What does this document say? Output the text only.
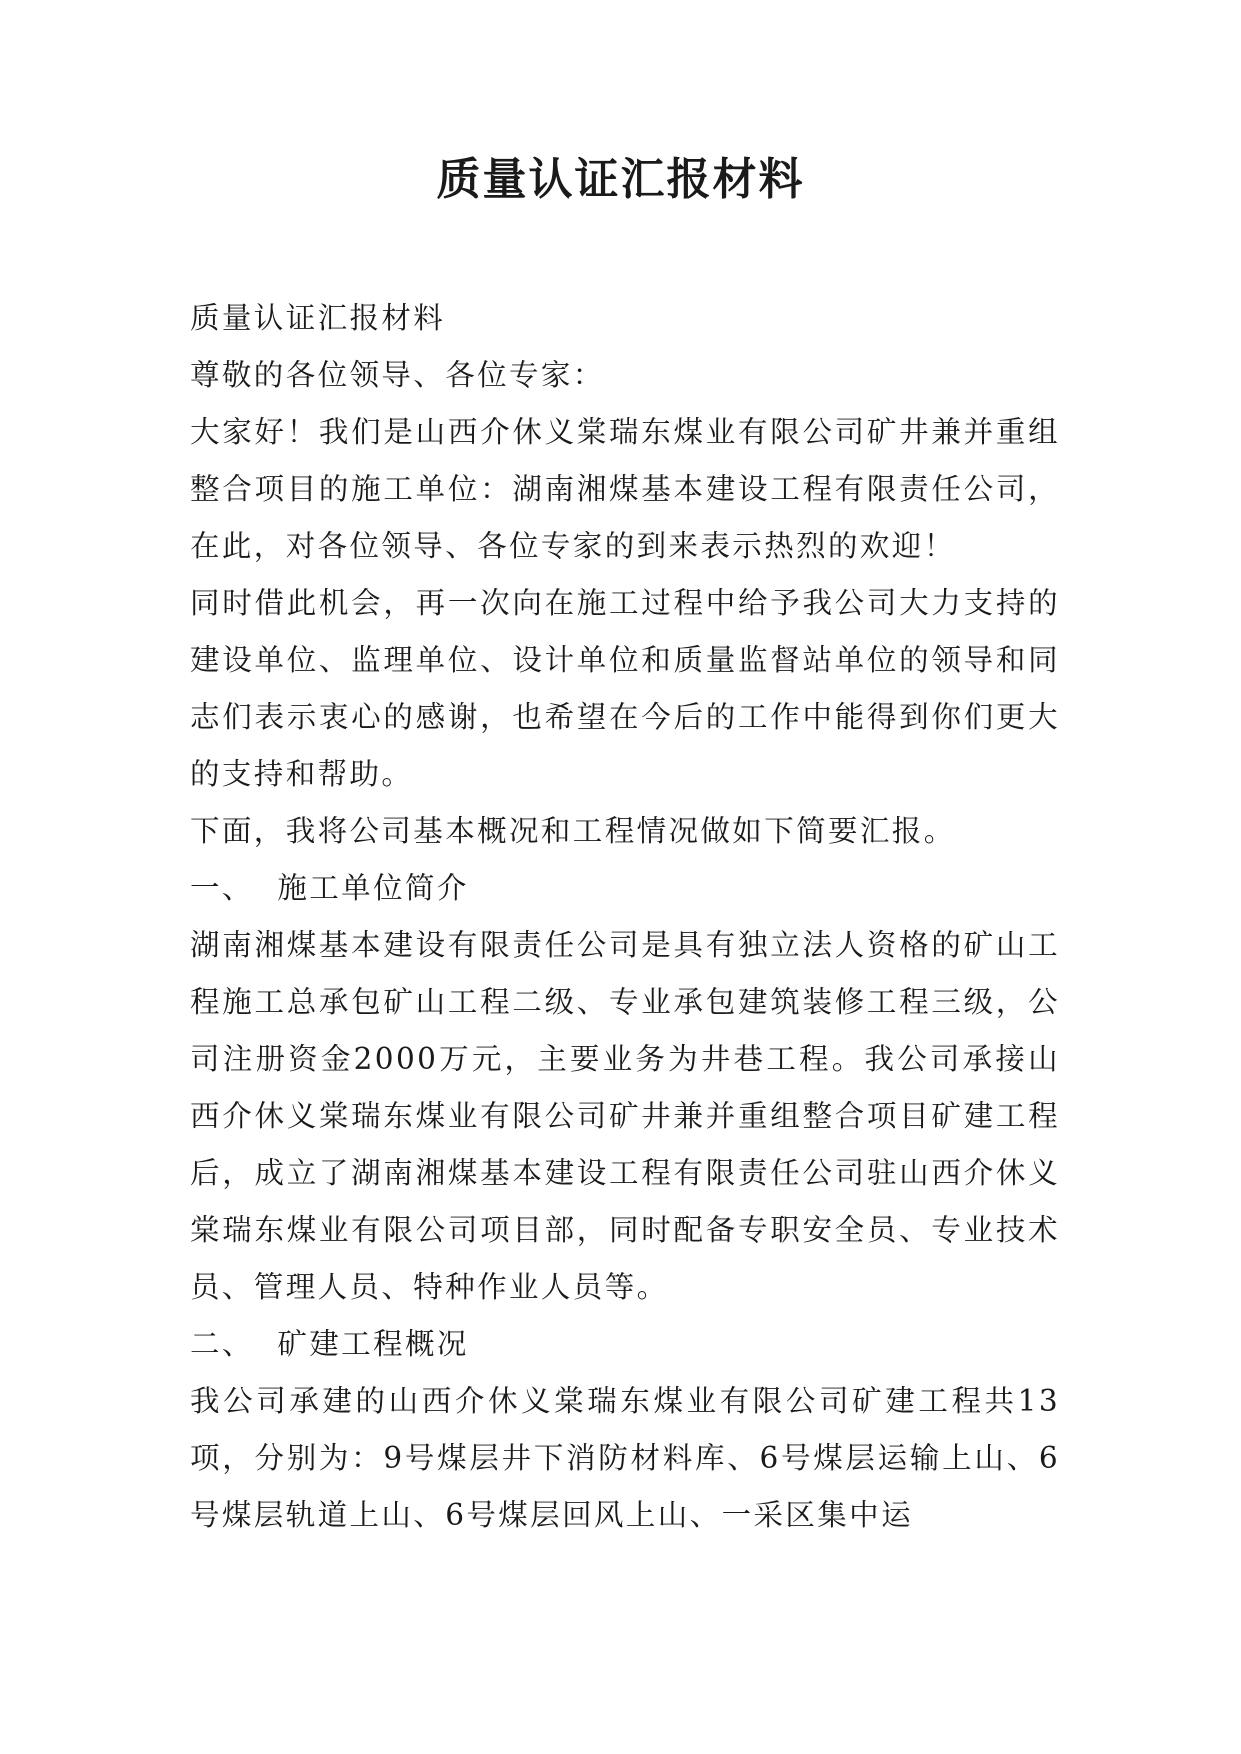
质量认证汇报材料

质量认证汇报材料

尊敬的各位领导、各位专家：

大家好！我们是山西介休义棠瑞东煤业有限公司矿井兼并重组整合项目的施工单位：湖南湘煤基本建设工程有限责任公司，在此，对各位领导、各位专家的到来表示热烈的欢迎！

同时借此机会，再一次向在施工过程中给予我公司大力支持的建设单位、监理单位、设计单位和质量监督站单位的领导和同志们表示衷心的感谢，也希望在今后的工作中能得到你们更大的支持和帮助。

下面，我将公司基本概况和工程情况做如下简要汇报。

一、  施工单位简介

湖南湘煤基本建设有限责任公司是具有独立法人资格的矿山工程施工总承包矿山工程二级、专业承包建筑装修工程三级，公司注册资金2000万元，主要业务为井巷工程。我公司承接山西介休义棠瑞东煤业有限公司矿井兼并重组整合项目矿建工程后，成立了湖南湘煤基本建设工程有限责任公司驻山西介休义棠瑞东煤业有限公司项目部，同时配备专职安全员、专业技术员、管理人员、特种作业人员等。

二、  矿建工程概况

我公司承建的山西介休义棠瑞东煤业有限公司矿建工程共13项，分别为：9号煤层井下消防材料库、6号煤层运输上山、6号煤层轨道上山、6号煤层回风上山、一采区集中运
